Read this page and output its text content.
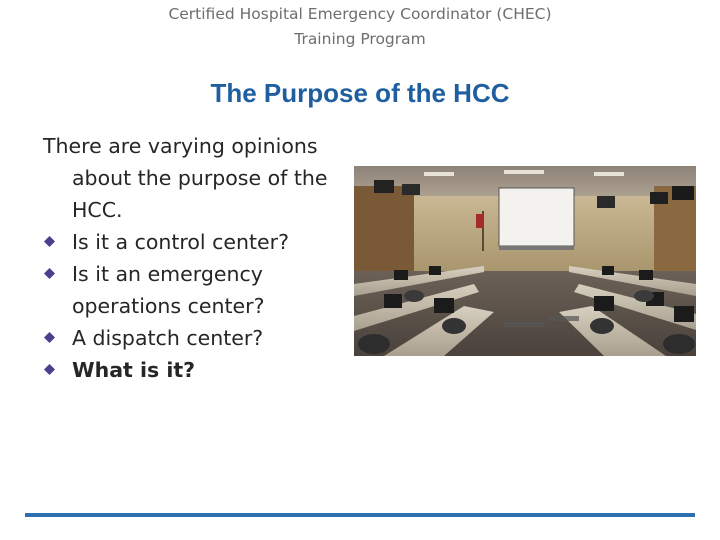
Certified Hospital Emergency Coordinator (CHEC)
Training Program
The Purpose of the HCC

There are varying opinions about the purpose of the HCC.

Is it a control center?
Is it an emergency operations center?
A dispatch center?
What is it?
